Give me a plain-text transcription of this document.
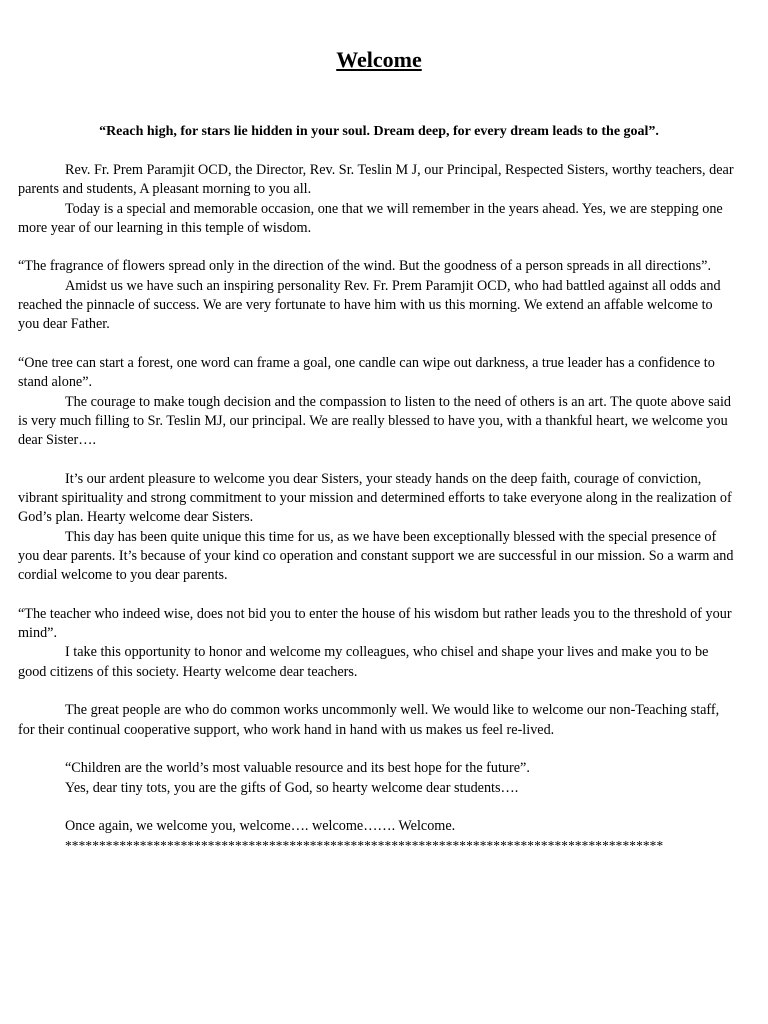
Welcome
“Reach high, for stars lie hidden in your soul. Dream deep, for every dream leads to the goal”.

Rev. Fr. Prem Paramjit OCD, the Director, Rev. Sr. Teslin M J, our Principal, Respected Sisters, worthy teachers, dear parents and students, A pleasant morning to you all.

Today is a special and memorable occasion, one that we will remember in the years ahead. Yes, we are stepping one more year of our learning in this temple of wisdom.

“The fragrance of flowers spread only in the direction of the wind. But the goodness of a person spreads in all directions”.

Amidst us we have such an inspiring personality Rev. Fr. Prem Paramjit OCD, who had battled against all odds and reached the pinnacle of success. We are very fortunate to have him with us this morning. We extend an affable welcome to you dear Father.

“One tree can start a forest, one word can frame a goal, one candle can wipe out darkness, a true leader has a confidence to stand alone”.

The courage to make tough decision and the compassion to listen to the need of others is an art. The quote above said is very much filling to Sr. Teslin MJ, our principal. We are really blessed to have you, with a thankful heart, we welcome you dear Sister….

It’s our ardent pleasure to welcome you dear Sisters, your steady hands on the deep faith, courage of conviction, vibrant spirituality and strong commitment to your mission and determined efforts to take everyone along in the realization of God’s plan. Hearty welcome dear Sisters.

This day has been quite unique this time for us, as we have been exceptionally blessed with the special presence of you dear parents. It’s because of your kind co operation and constant support we are successful in our mission. So a warm and cordial welcome to you dear parents.

“The teacher who indeed wise, does not bid you to enter the house of his wisdom but rather leads you to the threshold of your mind”.

I take this opportunity to honor and welcome my colleagues, who chisel and shape your lives and make you to be good citizens of this society. Hearty welcome dear teachers.

The great people are who do common works uncommonly well. We would like to welcome our non-Teaching staff, for their continual cooperative support, who work hand in hand with us makes us feel re-lived.

“Children are the world’s most valuable resource and its best hope for the future”.

Yes, dear tiny tots, you are the gifts of God, so hearty welcome dear students….

Once again, we welcome you, welcome…. welcome……. Welcome.

****************************************************************************************
